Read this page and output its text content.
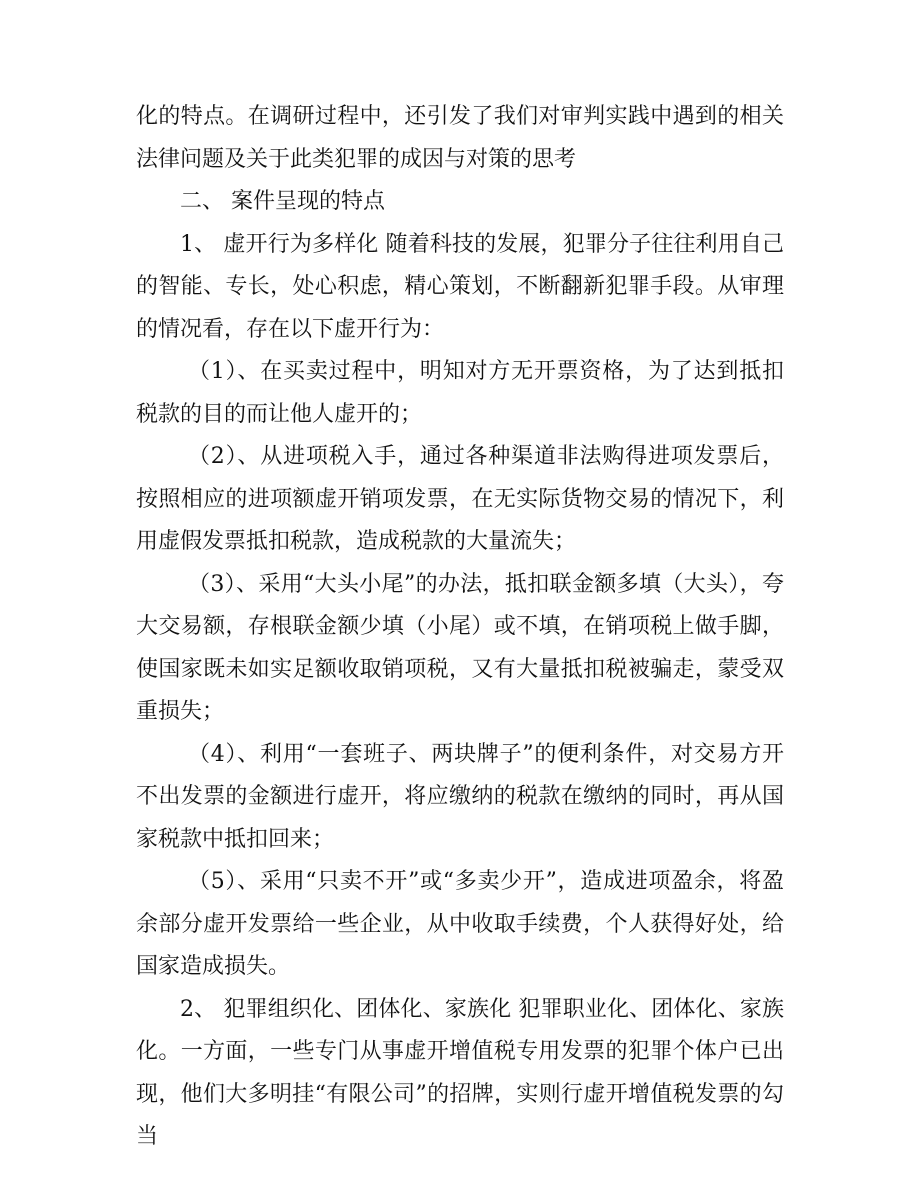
化的特点。在调研过程中，还引发了我们对审判实践中遇到的相关法律问题及关于此类犯罪的成因与对策的思考

二、 案件呈现的特点

1、 虚开行为多样化 随着科技的发展，犯罪分子往往利用自己的智能、专长，处心积虑，精心策划，不断翻新犯罪手段。从审理的情况看，存在以下虚开行为：

（1）、在买卖过程中，明知对方无开票资格，为了达到抵扣税款的目的而让他人虚开的；

（2）、从进项税入手，通过各种渠道非法购得进项发票后，按照相应的进项额虚开销项发票，在无实际货物交易的情况下，利用虚假发票抵扣税款，造成税款的大量流失；

（3）、采用“大头小尾”的办法，抵扣联金额多填（大头），夸大交易额，存根联金额少填（小尾）或不填，在销项税上做手脚，使国家既未如实足额收取销项税，又有大量抵扣税被骗走，蒙受双重损失；

（4）、利用“一套班子、两块牌子”的便利条件，对交易方开不出发票的金额进行虚开，将应缴纳的税款在缴纳的同时，再从国家税款中抵扣回来；

（5）、采用“只卖不开”或“多卖少开”，造成进项盈余，将盈余部分虚开发票给一些企业，从中收取手续费，个人获得好处，给国家造成损失。

2、 犯罪组织化、团体化、家族化 犯罪职业化、团体化、家族化。一方面，一些专门从事虚开增值税专用发票的犯罪个体户已出现，他们大多明挂“有限公司”的招牌，实则行虚开增值税发票的勾当
